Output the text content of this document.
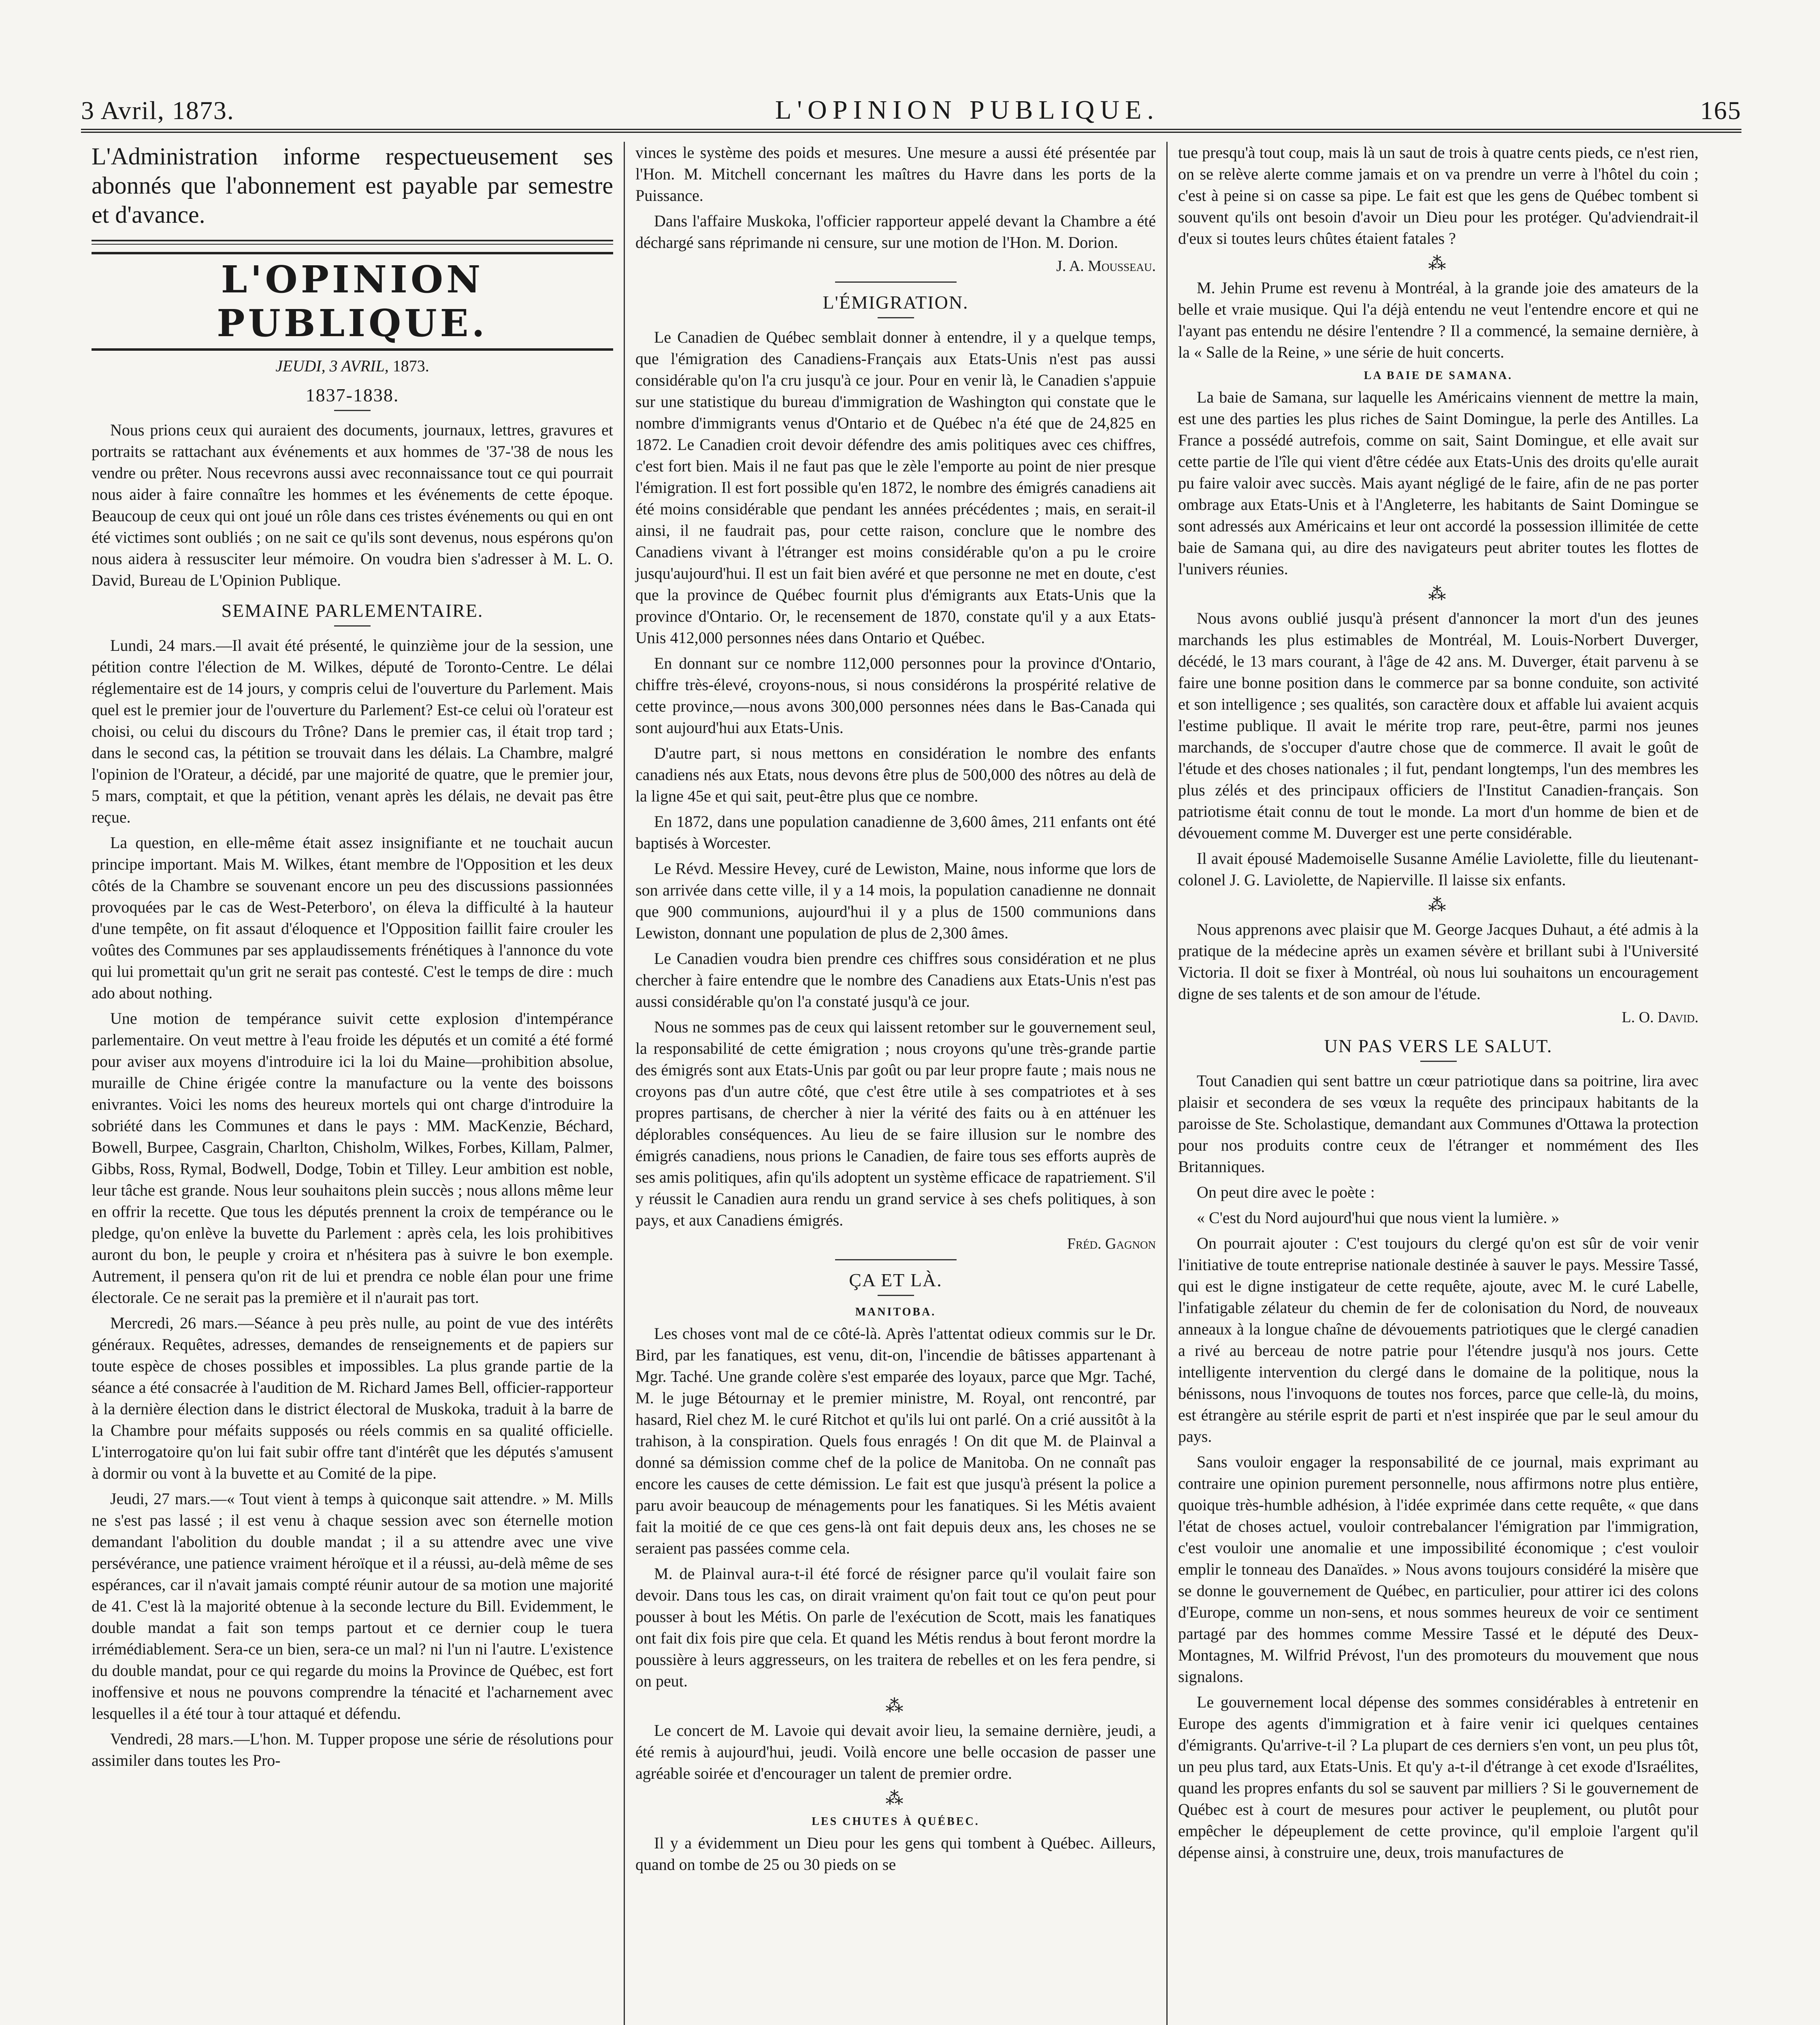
3 Avril, 1873.	L'OPINION PUBLIQUE.	165

L'Administration informe respectueusement ses abonnés que l'abonnement est payable par semestre et d'avance.

L'OPINION PUBLIQUE.
JEUDI, 3 AVRIL, 1873.
1837-1838.

Nous prions ceux qui auraient des documents, journaux, lettres, gravures et portraits se rattachant aux événements et aux hommes de '37-'38 de nous les vendre ou prêter. Nous recevrons aussi avec reconnaissance tout ce qui pourrait nous aider à faire connaître les hommes et les événements de cette époque. Beaucoup de ceux qui ont joué un rôle dans ces tristes événements ou qui en ont été victimes sont oubliés ; on ne sait ce qu'ils sont devenus, nous espérons qu'on nous aidera à ressusciter leur mémoire. On voudra bien s'adresser à M. L. O. David, Bureau de L'Opinion Publique.

SEMAINE PARLEMENTAIRE.

Lundi, 24 mars.—Il avait été présenté, le quinzième jour de la session, une pétition contre l'élection de M. Wilkes, député de Toronto-Centre. Le délai réglementaire est de 14 jours, y compris celui de l'ouverture du Parlement. Mais quel est le premier jour de l'ouverture du Parlement? Est-ce celui où l'orateur est choisi, ou celui du discours du Trône? Dans le premier cas, il était trop tard ; dans le second cas, la pétition se trouvait dans les délais. La Chambre, malgré l'opinion de l'Orateur, a décidé, par une majorité de quatre, que le premier jour, 5 mars, comptait, et que la pétition, venant après les délais, ne devait pas être reçue.

La question, en elle-même était assez insignifiante et ne touchait aucun principe important. Mais M. Wilkes, étant membre de l'Opposition et les deux côtés de la Chambre se souvenant encore un peu des discussions passionnées provoquées par le cas de West-Peterboro', on éleva la difficulté à la hauteur d'une tempête, on fit assaut d'éloquence et l'Opposition faillit faire crouler les voûtes des Communes par ses applaudissements frénétiques à l'annonce du vote qui lui promettait qu'un grit ne serait pas contesté. C'est le temps de dire : much ado about nothing.

Une motion de tempérance suivit cette explosion d'intempérance parlementaire. On veut mettre à l'eau froide les députés et un comité a été formé pour aviser aux moyens d'introduire ici la loi du Maine—prohibition absolue, muraille de Chine érigée contre la manufacture ou la vente des boissons enivrantes. Voici les noms des heureux mortels qui ont charge d'introduire la sobriété dans les Communes et dans le pays : MM. MacKenzie, Béchard, Bowell, Burpee, Casgrain, Charlton, Chisholm, Wilkes, Forbes, Killam, Palmer, Gibbs, Ross, Rymal, Bodwell, Dodge, Tobin et Tilley. Leur ambition est noble, leur tâche est grande. Nous leur souhaitons plein succès ; nous allons même leur en offrir la recette. Que tous les députés prennent la croix de tempérance ou le pledge, qu'on enlève la buvette du Parlement : après cela, les lois prohibitives auront du bon, le peuple y croira et n'hésitera pas à suivre le bon exemple. Autrement, il pensera qu'on rit de lui et prendra ce noble élan pour une frime électorale. Ce ne serait pas la première et il n'aurait pas tort.

Mercredi, 26 mars.—Séance à peu près nulle, au point de vue des intérêts généraux. Requêtes, adresses, demandes de renseignements et de papiers sur toute espèce de choses possibles et impossibles. La plus grande partie de la séance a été consacrée à l'audition de M. Richard James Bell, officier-rapporteur à la dernière élection dans le district électoral de Muskoka, traduit à la barre de la Chambre pour méfaits supposés ou réels commis en sa qualité officielle. L'interrogatoire qu'on lui fait subir offre tant d'intérêt que les députés s'amusent à dormir ou vont à la buvette et au Comité de la pipe.

Jeudi, 27 mars.—« Tout vient à temps à quiconque sait attendre. » M. Mills ne s'est pas lassé ; il est venu à chaque session avec son éternelle motion demandant l'abolition du double mandat ; il a su attendre avec une vive persévérance, une patience vraiment héroïque et il a réussi, au-delà même de ses espérances, car il n'avait jamais compté réunir autour de sa motion une majorité de 41. C'est là la majorité obtenue à la seconde lecture du Bill. Evidemment, le double mandat a fait son temps partout et ce dernier coup le tuera irrémédiablement. Sera-ce un bien, sera-ce un mal? ni l'un ni l'autre. L'existence du double mandat, pour ce qui regarde du moins la Province de Québec, est fort inoffensive et nous ne pouvons comprendre la ténacité et l'acharnement avec lesquelles il a été tour à tour attaqué et défendu.

Vendredi, 28 mars.—L'hon. M. Tupper propose une série de résolutions pour assimiler dans toutes les Pro-

vinces le système des poids et mesures. Une mesure a aussi été présentée par l'Hon. M. Mitchell concernant les maîtres du Havre dans les ports de la Puissance.

Dans l'affaire Muskoka, l'officier rapporteur appelé devant la Chambre a été déchargé sans réprimande ni censure, sur une motion de l'Hon. M. Dorion.

J. A. Mousseau.
L'ÉMIGRATION.

Le Canadien de Québec semblait donner à entendre, il y a quelque temps, que l'émigration des Canadiens-Français aux Etats-Unis n'est pas aussi considérable qu'on l'a cru jusqu'à ce jour. Pour en venir là, le Canadien s'appuie sur une statistique du bureau d'immigration de Washington qui constate que le nombre d'immigrants venus d'Ontario et de Québec n'a été que de 24,825 en 1872. Le Canadien croit devoir défendre des amis politiques avec ces chiffres, c'est fort bien. Mais il ne faut pas que le zèle l'emporte au point de nier presque l'émigration. Il est fort possible qu'en 1872, le nombre des émigrés canadiens ait été moins considérable que pendant les années précédentes ; mais, en serait-il ainsi, il ne faudrait pas, pour cette raison, conclure que le nombre des Canadiens vivant à l'étranger est moins considérable qu'on a pu le croire jusqu'aujourd'hui. Il est un fait bien avéré et que personne ne met en doute, c'est que la province de Québec fournit plus d'émigrants aux Etats-Unis que la province d'Ontario. Or, le recensement de 1870, constate qu'il y a aux Etats-Unis 412,000 personnes nées dans Ontario et Québec.

En donnant sur ce nombre 112,000 personnes pour la province d'Ontario, chiffre très-élevé, croyons-nous, si nous considérons la prospérité relative de cette province,—nous avons 300,000 personnes nées dans le Bas-Canada qui sont aujourd'hui aux Etats-Unis.

D'autre part, si nous mettons en considération le nombre des enfants canadiens nés aux Etats, nous devons être plus de 500,000 des nôtres au delà de la ligne 45e et qui sait, peut-être plus que ce nombre.

En 1872, dans une population canadienne de 3,600 âmes, 211 enfants ont été baptisés à Worcester.

Le Révd. Messire Hevey, curé de Lewiston, Maine, nous informe que lors de son arrivée dans cette ville, il y a 14 mois, la population canadienne ne donnait que 900 communions, aujourd'hui il y a plus de 1500 communions dans Lewiston, donnant une population de plus de 2,300 âmes.

Le Canadien voudra bien prendre ces chiffres sous considération et ne plus chercher à faire entendre que le nombre des Canadiens aux Etats-Unis n'est pas aussi considérable qu'on l'a constaté jusqu'à ce jour.

Nous ne sommes pas de ceux qui laissent retomber sur le gouvernement seul, la responsabilité de cette émigration ; nous croyons qu'une très-grande partie des émigrés sont aux Etats-Unis par goût ou par leur propre faute ; mais nous ne croyons pas d'un autre côté, que c'est être utile à ses compatriotes et à ses propres partisans, de chercher à nier la vérité des faits ou à en atténuer les déplorables conséquences. Au lieu de se faire illusion sur le nombre des émigrés canadiens, nous prions le Canadien, de faire tous ses efforts auprès de ses amis politiques, afin qu'ils adoptent un système efficace de rapatriement. S'il y réussit le Canadien aura rendu un grand service à ses chefs politiques, à son pays, et aux Canadiens émigrés.

Fréd. Gagnon
ÇA ET LÀ.
MANITOBA.

Les choses vont mal de ce côté-là. Après l'attentat odieux commis sur le Dr. Bird, par les fanatiques, est venu, dit-on, l'incendie de bâtisses appartenant à Mgr. Taché. Une grande colère s'est emparée des loyaux, parce que Mgr. Taché, M. le juge Bétournay et le premier ministre, M. Royal, ont rencontré, par hasard, Riel chez M. le curé Ritchot et qu'ils lui ont parlé. On a crié aussitôt à la trahison, à la conspiration. Quels fous enragés ! On dit que M. de Plainval a donné sa démission comme chef de la police de Manitoba. On ne connaît pas encore les causes de cette démission. Le fait est que jusqu'à présent la police a paru avoir beaucoup de ménagements pour les fanatiques. Si les Métis avaient fait la moitié de ce que ces gens-là ont fait depuis deux ans, les choses ne se seraient pas passées comme cela.

M. de Plainval aura-t-il été forcé de résigner parce qu'il voulait faire son devoir. Dans tous les cas, on dirait vraiment qu'on fait tout ce qu'on peut pour pousser à bout les Métis. On parle de l'exécution de Scott, mais les fanatiques ont fait dix fois pire que cela. Et quand les Métis rendus à bout feront mordre la poussière à leurs aggresseurs, on les traitera de rebelles et on les fera pendre, si on peut.

⁂

Le concert de M. Lavoie qui devait avoir lieu, la semaine dernière, jeudi, a été remis à aujourd'hui, jeudi. Voilà encore une belle occasion de passer une agréable soirée et d'encourager un talent de premier ordre.

⁂
LES CHUTES À QUÉBEC.

Il y a évidemment un Dieu pour les gens qui tombent à Québec. Ailleurs, quand on tombe de 25 ou 30 pieds on se

tue presqu'à tout coup, mais là un saut de trois à quatre cents pieds, ce n'est rien, on se relève alerte comme jamais et on va prendre un verre à l'hôtel du coin ; c'est à peine si on casse sa pipe. Le fait est que les gens de Québec tombent si souvent qu'ils ont besoin d'avoir un Dieu pour les protéger. Qu'adviendrait-il d'eux si toutes leurs chûtes étaient fatales ?

⁂

M. Jehin Prume est revenu à Montréal, à la grande joie des amateurs de la belle et vraie musique. Qui l'a déjà entendu ne veut l'entendre encore et qui ne l'ayant pas entendu ne désire l'entendre ? Il a commencé, la semaine dernière, à la « Salle de la Reine, » une série de huit concerts.

LA BAIE DE SAMANA.

La baie de Samana, sur laquelle les Américains viennent de mettre la main, est une des parties les plus riches de Saint Domingue, la perle des Antilles. La France a possédé autrefois, comme on sait, Saint Domingue, et elle avait sur cette partie de l'île qui vient d'être cédée aux Etats-Unis des droits qu'elle aurait pu faire valoir avec succès. Mais ayant négligé de le faire, afin de ne pas porter ombrage aux Etats-Unis et à l'Angleterre, les habitants de Saint Domingue se sont adressés aux Américains et leur ont accordé la possession illimitée de cette baie de Samana qui, au dire des navigateurs peut abriter toutes les flottes de l'univers réunies.

⁂

Nous avons oublié jusqu'à présent d'annoncer la mort d'un des jeunes marchands les plus estimables de Montréal, M. Louis-Norbert Duverger, décédé, le 13 mars courant, à l'âge de 42 ans. M. Duverger, était parvenu à se faire une bonne position dans le commerce par sa bonne conduite, son activité et son intelligence ; ses qualités, son caractère doux et affable lui avaient acquis l'estime publique. Il avait le mérite trop rare, peut-être, parmi nos jeunes marchands, de s'occuper d'autre chose que de commerce. Il avait le goût de l'étude et des choses nationales ; il fut, pendant longtemps, l'un des membres les plus zélés et des principaux officiers de l'Institut Canadien-français. Son patriotisme était connu de tout le monde. La mort d'un homme de bien et de dévouement comme M. Duverger est une perte considérable.

Il avait épousé Mademoiselle Susanne Amélie Laviolette, fille du lieutenant-colonel J. G. Laviolette, de Napierville. Il laisse six enfants.

⁂

Nous apprenons avec plaisir que M. George Jacques Duhaut, a été admis à la pratique de la médecine après un examen sévère et brillant subi à l'Université Victoria. Il doit se fixer à Montréal, où nous lui souhaitons un encouragement digne de ses talents et de son amour de l'étude.

L. O. David.
UN PAS VERS LE SALUT.

Tout Canadien qui sent battre un cœur patriotique dans sa poitrine, lira avec plaisir et secondera de ses vœux la requête des principaux habitants de la paroisse de Ste. Scholastique, demandant aux Communes d'Ottawa la protection pour nos produits contre ceux de l'étranger et nommément des Iles Britanniques.

On peut dire avec le poète :

« C'est du Nord aujourd'hui que nous vient la lumière. »

On pourrait ajouter : C'est toujours du clergé qu'on est sûr de voir venir l'initiative de toute entreprise nationale destinée à sauver le pays. Messire Tassé, qui est le digne instigateur de cette requête, ajoute, avec M. le curé Labelle, l'infatigable zélateur du chemin de fer de colonisation du Nord, de nouveaux anneaux à la longue chaîne de dévouements patriotiques que le clergé canadien a rivé au berceau de notre patrie pour l'étendre jusqu'à nos jours. Cette intelligente intervention du clergé dans le domaine de la politique, nous la bénissons, nous l'invoquons de toutes nos forces, parce que celle-là, du moins, est étrangère au stérile esprit de parti et n'est inspirée que par le seul amour du pays.

Sans vouloir engager la responsabilité de ce journal, mais exprimant au contraire une opinion purement personnelle, nous affirmons notre plus entière, quoique très-humble adhésion, à l'idée exprimée dans cette requête, « que dans l'état de choses actuel, vouloir contrebalancer l'émigration par l'immigration, c'est vouloir une anomalie et une impossibilité économique ; c'est vouloir emplir le tonneau des Danaïdes. » Nous avons toujours considéré la misère que se donne le gouvernement de Québec, en particulier, pour attirer ici des colons d'Europe, comme un non-sens, et nous sommes heureux de voir ce sentiment partagé par des hommes comme Messire Tassé et le député des Deux-Montagnes, M. Wilfrid Prévost, l'un des promoteurs du mouvement que nous signalons.

Le gouvernement local dépense des sommes considérables à entretenir en Europe des agents d'immigration et à faire venir ici quelques centaines d'émigrants. Qu'arrive-t-il ? La plupart de ces derniers s'en vont, un peu plus tôt, un peu plus tard, aux Etats-Unis. Et qu'y a-t-il d'étrange à cet exode d'Israélites, quand les propres enfants du sol se sauvent par milliers ? Si le gouvernement de Québec est à court de mesures pour activer le peuplement, ou plutôt pour empêcher le dépeuplement de cette province, qu'il emploie l'argent qu'il dépense ainsi, à construire une, deux, trois manufactures de
